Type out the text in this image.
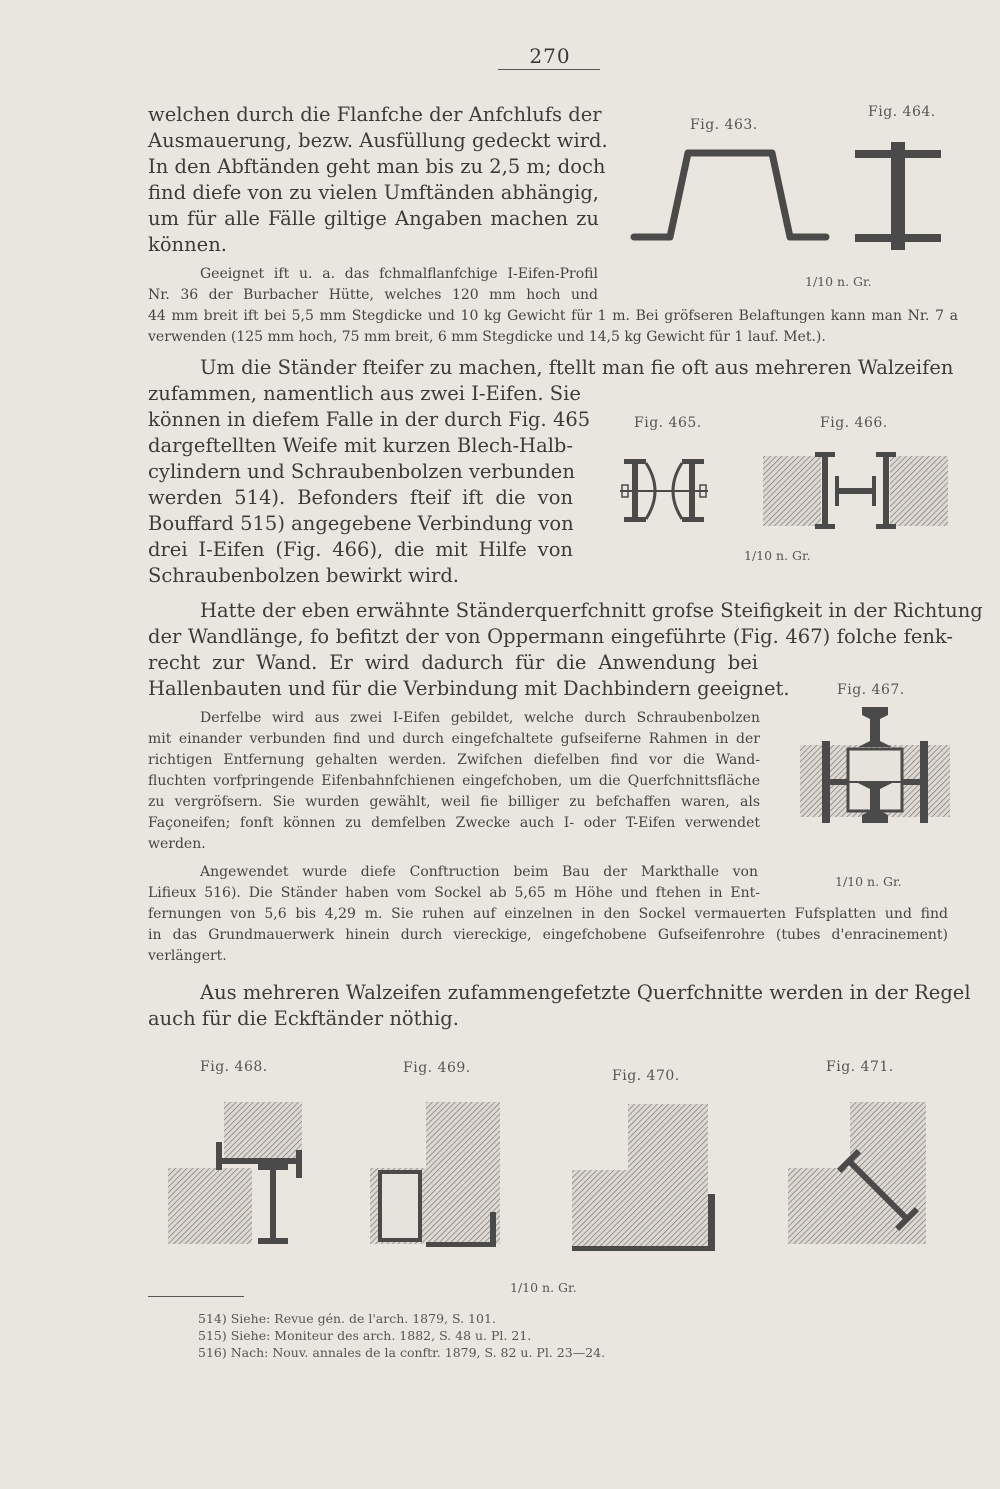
270
welchen durch die Flanfche der Anfchlufs der
Ausmauerung, bezw. Ausfüllung gedeckt wird.
In den Abftänden geht man bis zu 2,5 m; doch
find diefe von zu vielen Umftänden abhängig,
um für alle Fälle giltige Angaben machen zu
können.
Geeignet ift u. a. das fchmalflanfchige I-Eifen-Profil
Nr. 36 der Burbacher Hütte, welches 120 mm hoch und
44 mm breit ift bei 5,5 mm Stegdicke und 10 kg Gewicht für 1 m. Bei gröfseren Belaftungen kann man Nr. 7 a
verwenden (125 mm hoch, 75 mm breit, 6 mm Stegdicke und 14,5 kg Gewicht für 1 lauf. Met.).
Um die Ständer fteifer zu machen, ftellt man fie oft aus mehreren Walzeifen
zufammen, namentlich aus zwei I-Eifen. Sie
können in diefem Falle in der durch Fig. 465
dargeftellten Weife mit kurzen Blech-Halb-
cylindern und Schraubenbolzen verbunden
werden 514). Befonders fteif ift die von
Bouffard 515) angegebene Verbindung von
drei I-Eifen (Fig. 466), die mit Hilfe von
Schraubenbolzen bewirkt wird.
Hatte der eben erwähnte Ständerquerfchnitt grofse Steifigkeit in der Richtung
der Wandlänge, fo befitzt der von Oppermann eingeführte (Fig. 467) folche fenk-
recht zur Wand. Er wird dadurch für die Anwendung bei
Hallenbauten und für die Verbindung mit Dachbindern geeignet.
Derfelbe wird aus zwei I-Eifen gebildet, welche durch Schraubenbolzen
mit einander verbunden find und durch eingefchaltete gufseiferne Rahmen in der
richtigen Entfernung gehalten werden. Zwifchen diefelben find vor die Wand-
fluchten vorfpringende Eifenbahnfchienen eingefchoben, um die Querfchnittsfläche
zu vergröfsern. Sie wurden gewählt, weil fie billiger zu befchaffen waren, als
Façoneifen; fonft können zu demfelben Zwecke auch I- oder T-Eifen verwendet
werden.
Angewendet wurde diefe Conftruction beim Bau der Markthalle von
Lifieux 516). Die Ständer haben vom Sockel ab 5,65 m Höhe und ftehen in Ent-
fernungen von 5,6 bis 4,29 m. Sie ruhen auf einzelnen in den Sockel vermauerten Fufsplatten und find
in das Grundmauerwerk hinein durch viereckige, eingefchobene Gufseifenrohre (tubes d'enracinement)
verlängert.
Aus mehreren Walzeifen zufammengefetzte Querfchnitte werden in der Regel
auch für die Eckftänder nöthig.
Fig. 463.
Fig. 464.
1/10 n. Gr.
Fig. 465.	Fig. 466.
1/10 n. Gr.
Fig. 467.
1/10 n. Gr.
Fig. 468.	Fig. 469.	Fig. 470.
Fig. 471.
1/10 n. Gr.
514) Siehe: Revue gén. de l'arch. 1879, S. 101.
515) Siehe: Moniteur des arch. 1882, S. 48 u. Pl. 21.
516) Nach: Nouv. annales de la conftr. 1879, S. 82 u. Pl. 23—24.
